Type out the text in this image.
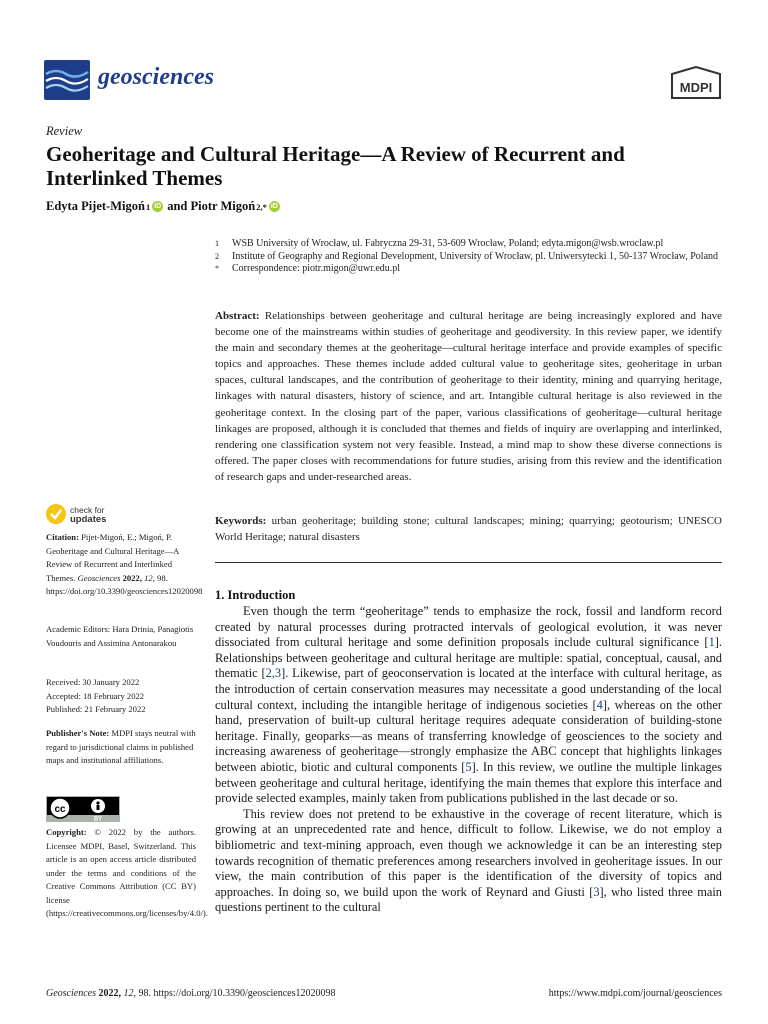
geosciences	MDPI
Review
Geoheritage and Cultural Heritage—A Review of Recurrent and Interlinked Themes
Edyta Pijet-Migoń 1 iD and
Piotr Migoń 2,* iD
1	WSB University of Wrocław, ul. Fabryczna 29-31, 53-609 Wrocław, Poland; edyta.migon@wsb.wroclaw.pl
2	Institute of Geography and Regional Development, University of Wrocław, pl. Uniwersytecki 1, 50-137 Wrocław, Poland
*	Correspondence: piotr.migon@uwr.edu.pl
Abstract: Relationships between geoheritage and cultural heritage are being increasingly explored and have become one of the mainstreams within studies of geoheritage and geodiversity. In this review paper, we identify the main and secondary themes at the geoheritage—cultural heritage interface and provide examples of specific topics and approaches. These themes include added cultural value to geoheritage sites, geoheritage in urban spaces, cultural landscapes, and the contribution of geoheritage to their identity, mining and quarrying heritage, linkages with natural disasters, history of science, and art. Intangible cultural heritage is also reviewed in the geoheritage context. In the closing part of the paper, various classifications of geoheritage—cultural heritage linkages are proposed, although it is concluded that themes and fields of inquiry are overlapping and interlinked, rendering one classification system not very feasible. Instead, a mind map to show these diverse connections is offered. The paper closes with recommendations for future studies, arising from this review and the identification of research gaps and under-researched areas.
Keywords: urban geoheritage; building stone; cultural landscapes; mining; quarrying; geotourism; UNESCO World Heritage; natural disasters
1. Introduction

Even though the term “geoheritage” tends to emphasize the rock, fossil and landform record created by natural processes during protracted intervals of geological evolution, it was never dissociated from cultural heritage and some definition proposals include cultural significance [1]. Relationships between geoheritage and cultural heritage are multiple: spatial, conceptual, causal, and thematic [2,3]. Likewise, part of geoconservation is located at the interface with cultural heritage, as the introduction of certain conservation measures may necessitate a good understanding of the local cultural context, including the intangible heritage of indigenous societies [4], whereas on the other hand, preservation of built-up cultural heritage requires adequate consideration of building-stone heritage. Finally, geoparks—as means of transferring knowledge of geosciences to the society and increasing awareness of geoheritage—strongly emphasize the ABC concept that highlights linkages between abiotic, biotic and cultural components [5]. In this review, we outline the multiple linkages between geoheritage and cultural heritage, identifying the main themes that explore this interface and provide selected examples, mainly taken from publications published in the last decade or so.

This review does not pretend to be exhaustive in the coverage of recent literature, which is growing at an unprecedented rate and hence, difficult to follow. Likewise, we do not employ a bibliometric and text-mining approach, even though we acknowledge it can be an interesting step towards recognition of thematic preferences among researchers involved in geoheritage issues. In our view, the main contribution of this paper is the identification of the diversity of topics and approaches. In doing so, we build upon the work of Reynard and Giusti [3], who listed three main questions pertinent to the cultural

check for
updates
Citation: Pijet-Migoń, E.; Migoń, P. Geoheritage and Cultural Heritage—A Review of Recurrent and Interlinked Themes. Geosciences 2022, 12, 98. https://doi.org/10.3390/geosciences12020098
Academic Editors: Hara Drinia, Panagiotis Voudouris and Assimina Antonarakou
Received: 30 January 2022
Accepted: 18 February 2022
Published: 21 February 2022
Publisher's Note: MDPI stays neutral with regard to jurisdictional claims in published maps and institutional affiliations.
cc
BY
Copyright: © 2022 by the authors. Licensee MDPI, Basel, Switzerland. This article is an open access article distributed under the terms and conditions of the Creative Commons Attribution (CC BY) license (https://creativecommons.org/licenses/by/4.0/).
Geosciences 2022, 12, 98. https://doi.org/10.3390/geosciences12020098	https://www.mdpi.com/journal/geosciences
